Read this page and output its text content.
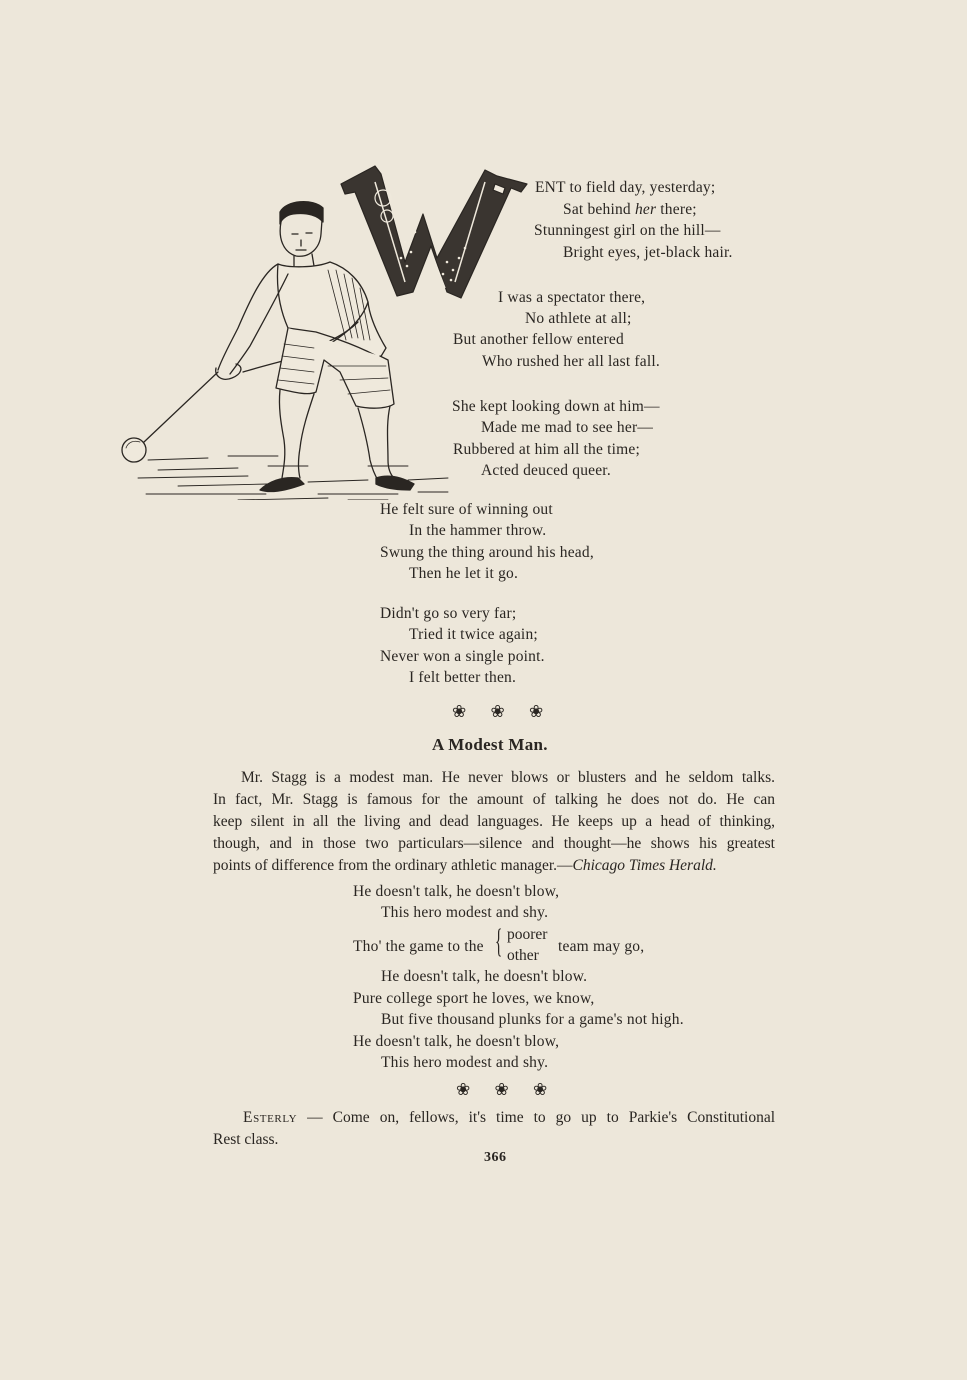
ENT to field day, yesterday;
Sat behind her there;
Stunningest girl on the hill—
Bright eyes, jet-black hair.
I was a spectator there,
No athlete at all;
But another fellow entered
Who rushed her all last fall.
She kept looking down at him—
Made me mad to see her—
Rubbered at him all the time;
Acted deuced queer.
He felt sure of winning out
In the hammer throw.
Swung the thing around his head,
Then he let it go.
Didn't go so very far;
Tried it twice again;
Never won a single point.
I felt better then.
❀ ❀ ❀
A Modest Man.
Mr. Stagg is a modest man. He never blows or blusters and he seldom talks.
In fact, Mr. Stagg is famous for the amount of talking he does not do. He can
keep silent in all the living and dead languages. He keeps up a head of thinking,
though, and in those two particulars—silence and thought—he shows his greatest
points of difference from the ordinary athletic manager.—Chicago Times Herald.
He doesn't talk, he doesn't blow,
This hero modest and shy.
Tho' the game to the { poorer
other
team may go,
He doesn't talk, he doesn't blow.
Pure college sport he loves, we know,
But five thousand plunks for a game's not high.
He doesn't talk, he doesn't blow,
This hero modest and shy.
❀ ❀ ❀
Esterly — Come on, fellows, it's time to go up to Parkie's Constitutional
Rest class.
366
